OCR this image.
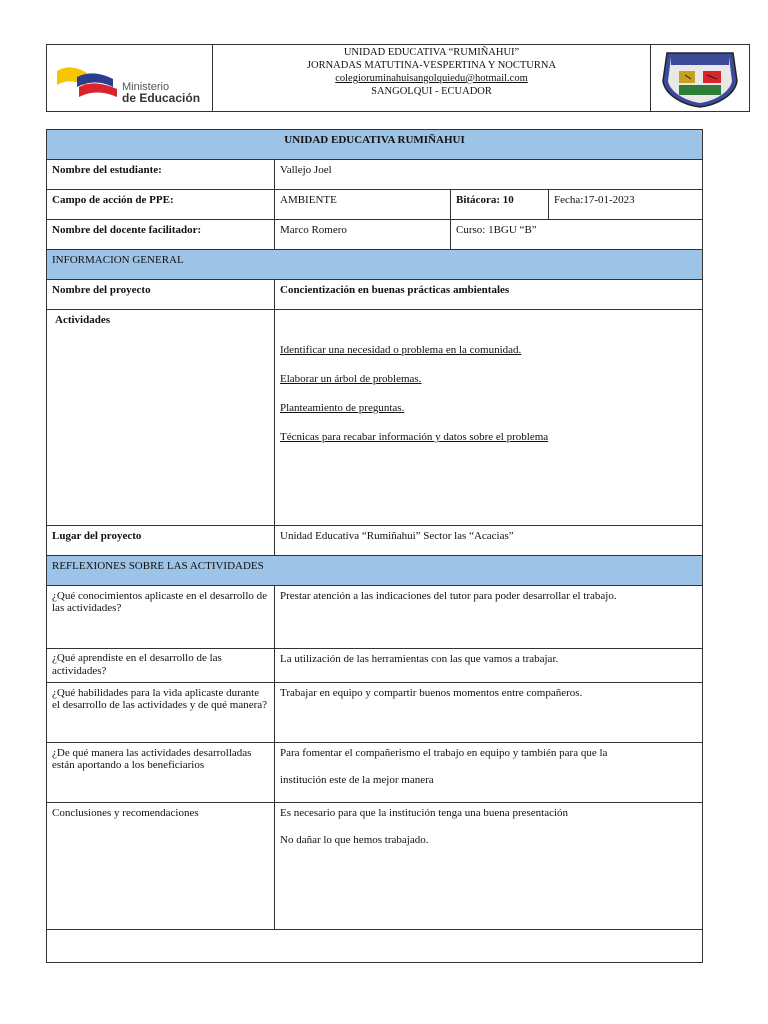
Ministerio
de Educación
UNIDAD EDUCATIVA “RUMIÑAHUI”
JORNADAS MATUTINA-VESPERTINA Y NOCTURNA
colegioruminahuisangolquiedu@hotmail.com
SANGOLQUI - ECUADOR
UNIDAD EDUCATIVA RUMIÑAHUI			
Nombre del estudiante:	Vallejo Joel		
Campo de acción de PPE:	AMBIENTE	Bitácora: 10	Fecha:17-01-2023
Nombre del docente facilitador:	Marco Romero	Curso: 1BGU “B”	
INFORMACION GENERAL			
Nombre del proyecto	Concientización en buenas prácticas ambientales		
Actividades	Identificar una necesidad o problema en la comunidad.

Elaborar un árbol de problemas.

Planteamiento de preguntas.

Técnicas para recabar información y datos sobre el problema		

Lugar del proyecto	Unidad Educativa “Rumiñahui” Sector las “Acacias”		
REFLEXIONES SOBRE LAS ACTIVIDADES			
¿Qué conocimientos aplicaste en el desarrollo de las actividades?	Prestar atención a las indicaciones del tutor para poder desarrollar el trabajo.		
¿Qué aprendiste en el desarrollo de las actividades?	La utilización de las herramientas con las que vamos a trabajar.		
¿Qué habilidades para la vida aplicaste durante el desarrollo de las actividades y de qué manera?	Trabajar en equipo y compartir buenos momentos entre compañeros.		
¿De qué manera las actividades desarrolladas están aportando a los beneficiarios	Para fomentar el compañerismo el trabajo en equipo y también para que la
institución este de la mejor manera		

Conclusiones y recomendaciones	Es necesario para que la institución tenga una buena presentación
No dañar lo que hemos trabajado.		
